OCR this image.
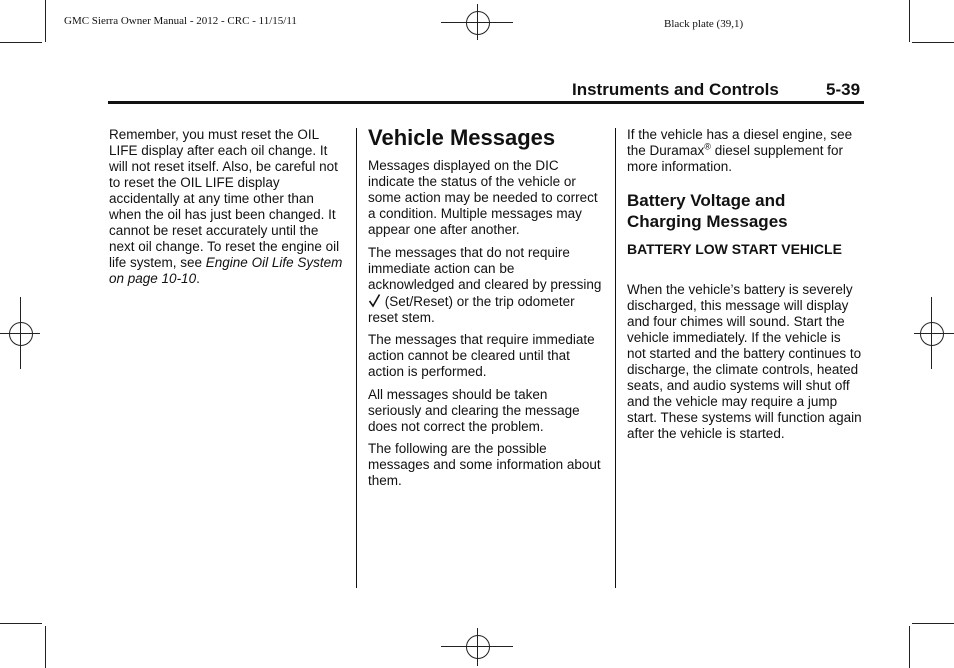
GMC Sierra Owner Manual - 2012 - CRC - 11/15/11	Black plate (39,1)
Instruments and Controls	5-39

Remember, you must reset the OIL LIFE display after each oil change. It will not reset itself. Also, be careful not to reset the OIL LIFE display accidentally at any time other than when the oil has just been changed. It cannot be reset accurately until the next oil change. To reset the engine oil life system, see Engine Oil Life System on page 10-10.

Vehicle Messages

Messages displayed on the DIC indicate the status of the vehicle or some action may be needed to correct a condition. Multiple messages may appear one after another.

The messages that do not require immediate action can be acknowledged and cleared by pressing  (Set/Reset) or the trip odometer reset stem.

The messages that require immediate action cannot be cleared until that action is performed.

All messages should be taken seriously and clearing the message does not correct the problem.

The following are the possible messages and some information about them.

If the vehicle has a diesel engine, see the Duramax® diesel supplement for more information.

Battery Voltage and Charging Messages
BATTERY LOW START VEHICLE

When the vehicle’s battery is severely discharged, this message will display and four chimes will sound. Start the vehicle immediately. If the vehicle is not started and the battery continues to discharge, the climate controls, heated seats, and audio systems will shut off and the vehicle may require a jump start. These systems will function again after the vehicle is started.
